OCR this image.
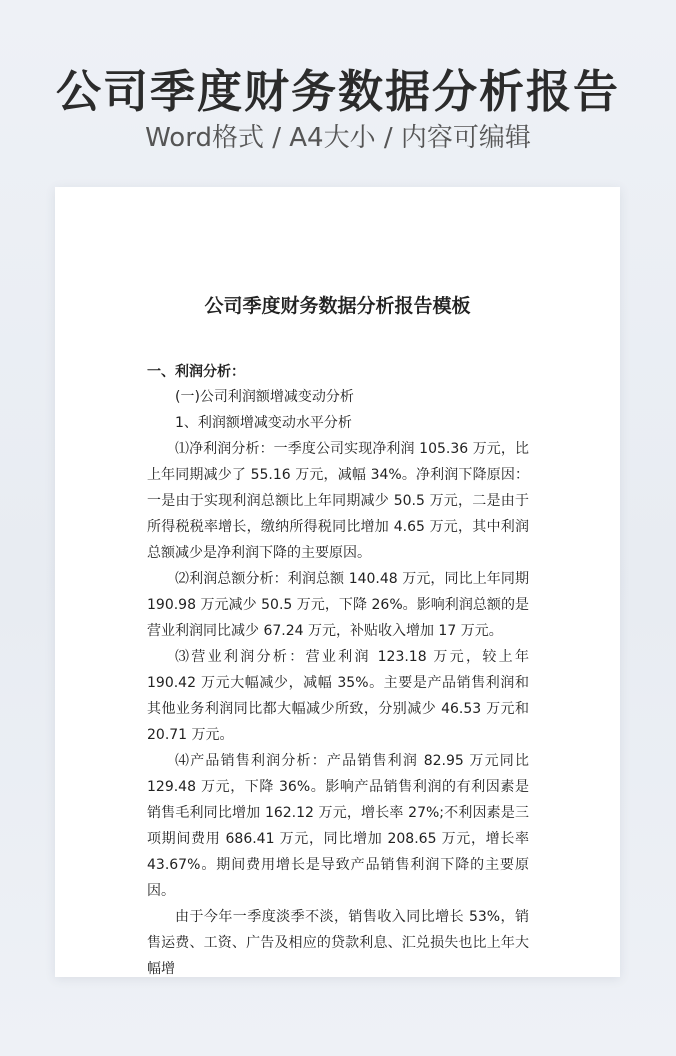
公司季度财务数据分析报告
Word格式 / A4大小 / 内容可编辑
公司季度财务数据分析报告模板

一、利润分析：

(一)公司利润额增减变动分析

1、利润额增减变动水平分析

⑴净利润分析：一季度公司实现净利润 105.36 万元，比上年同期减少了 55.16 万元，减幅 34%。净利润下降原因：一是由于实现利润总额比上年同期减少 50.5 万元，二是由于所得税税率增长，缴纳所得税同比增加 4.65 万元，其中利润总额减少是净利润下降的主要原因。

⑵利润总额分析：利润总额 140.48 万元，同比上年同期 190.98 万元减少 50.5 万元，下降 26%。影响利润总额的是营业利润同比减少 67.24 万元，补贴收入增加 17 万元。

⑶营业利润分析：营业利润 123.18 万元，较上年 190.42 万元大幅减少，减幅 35%。主要是产品销售利润和其他业务利润同比都大幅减少所致，分别减少 46.53 万元和 20.71 万元。

⑷产品销售利润分析：产品销售利润 82.95 万元同比 129.48 万元，下降 36%。影响产品销售利润的有利因素是销售毛利同比增加 162.12 万元，增长率 27%;不利因素是三项期间费用 686.41 万元，同比增加 208.65 万元，增长率 43.67%。期间费用增长是导致产品销售利润下降的主要原因。

由于今年一季度淡季不淡，销售收入同比增长 53%，销售运费、工资、广告及相应的贷款利息、汇兑损失也比上年大幅增
